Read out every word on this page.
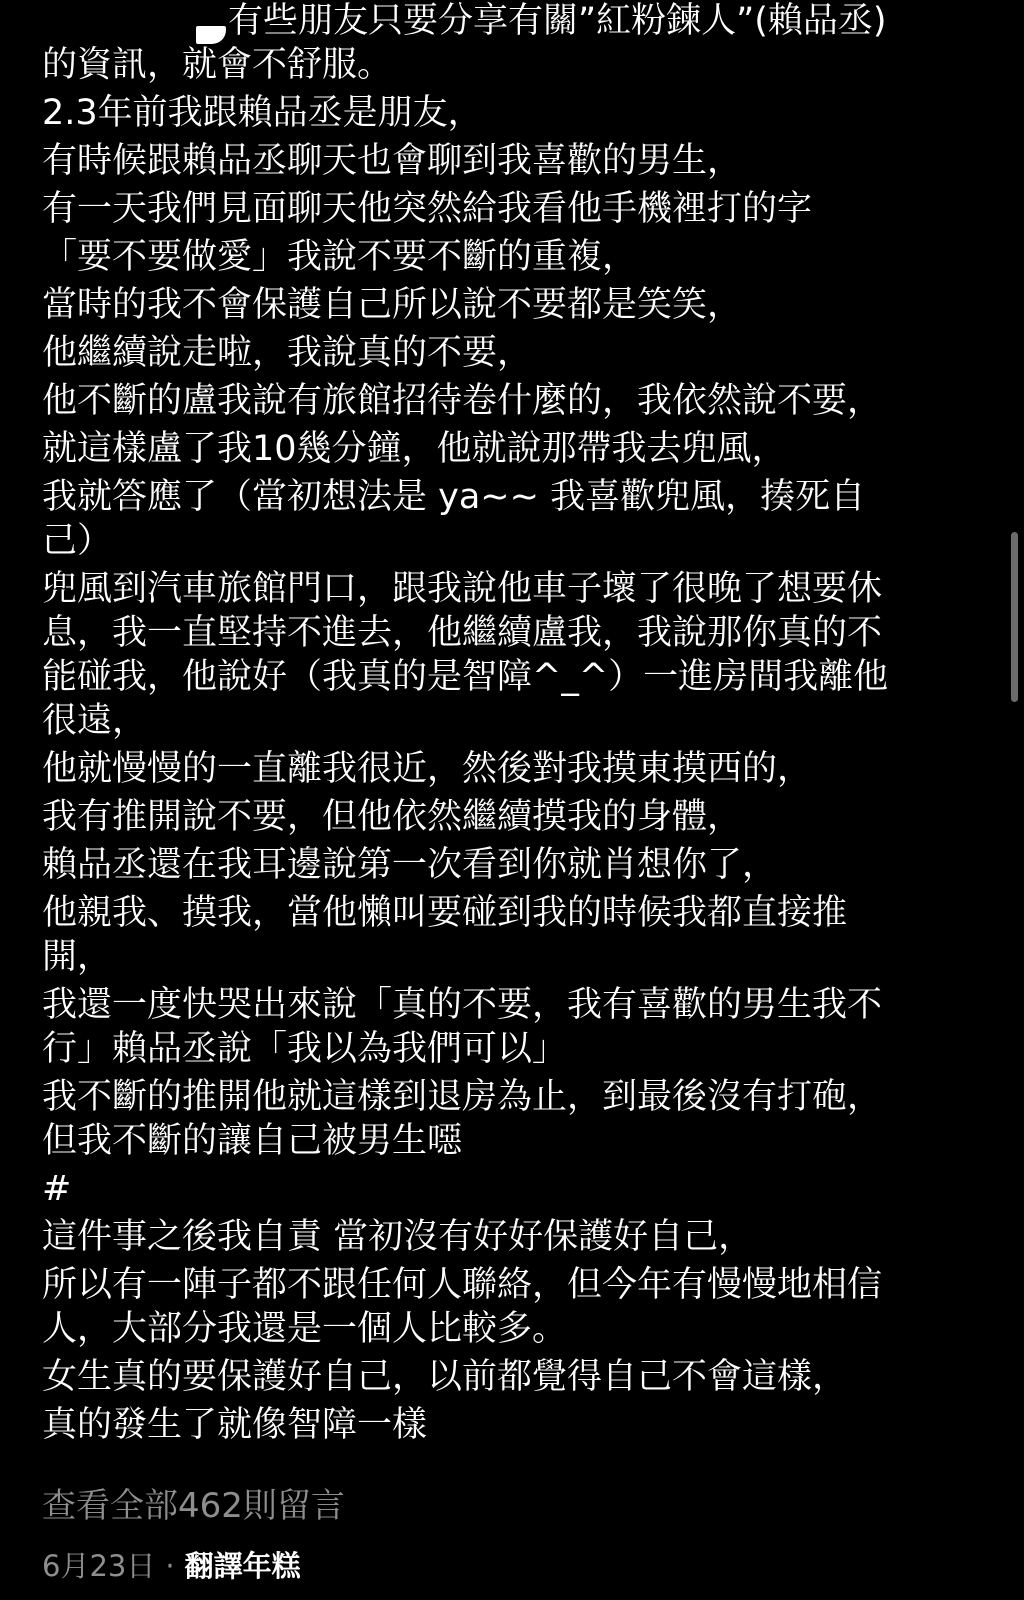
有些朋友只要分享有關”紅粉鍊人”(賴品丞)
的資訊，就會不舒服。
2.3年前我跟賴品丞是朋友，
有時候跟賴品丞聊天也會聊到我喜歡的男生，
有一天我們見面聊天他突然給我看他手機裡打的字
「要不要做愛」我說不要不斷的重複，
當時的我不會保護自己所以說不要都是笑笑，
他繼續說走啦，我說真的不要，
他不斷的盧我說有旅館招待卷什麼的，我依然說不要，
就這樣盧了我10幾分鐘，他就說那帶我去兜風，
我就答應了（當初想法是 ya~~ 我喜歡兜風，揍死自
己）
兜風到汽車旅館門口，跟我說他車子壞了很晚了想要休
息，我一直堅持不進去，他繼續盧我，我說那你真的不
能碰我，他說好（我真的是智障^_^）一進房間我離他
很遠，
他就慢慢的一直離我很近，然後對我摸東摸西的，
我有推開說不要，但他依然繼續摸我的身體，
賴品丞還在我耳邊說第一次看到你就肖想你了，
他親我、摸我，當他懶叫要碰到我的時候我都直接推
開，
我還一度快哭出來說「真的不要，我有喜歡的男生我不
行」賴品丞說「我以為我們可以」
我不斷的推開他就這樣到退房為止，到最後沒有打砲，
但我不斷的讓自己被男生噁
#
這件事之後我自責 當初沒有好好保護好自己，
所以有一陣子都不跟任何人聯絡，但今年有慢慢地相信
人，大部分我還是一個人比較多。
女生真的要保護好自己，以前都覺得自己不會這樣，
真的發生了就像智障一樣
查看全部462則留言
6月23日 · 翻譯年糕
